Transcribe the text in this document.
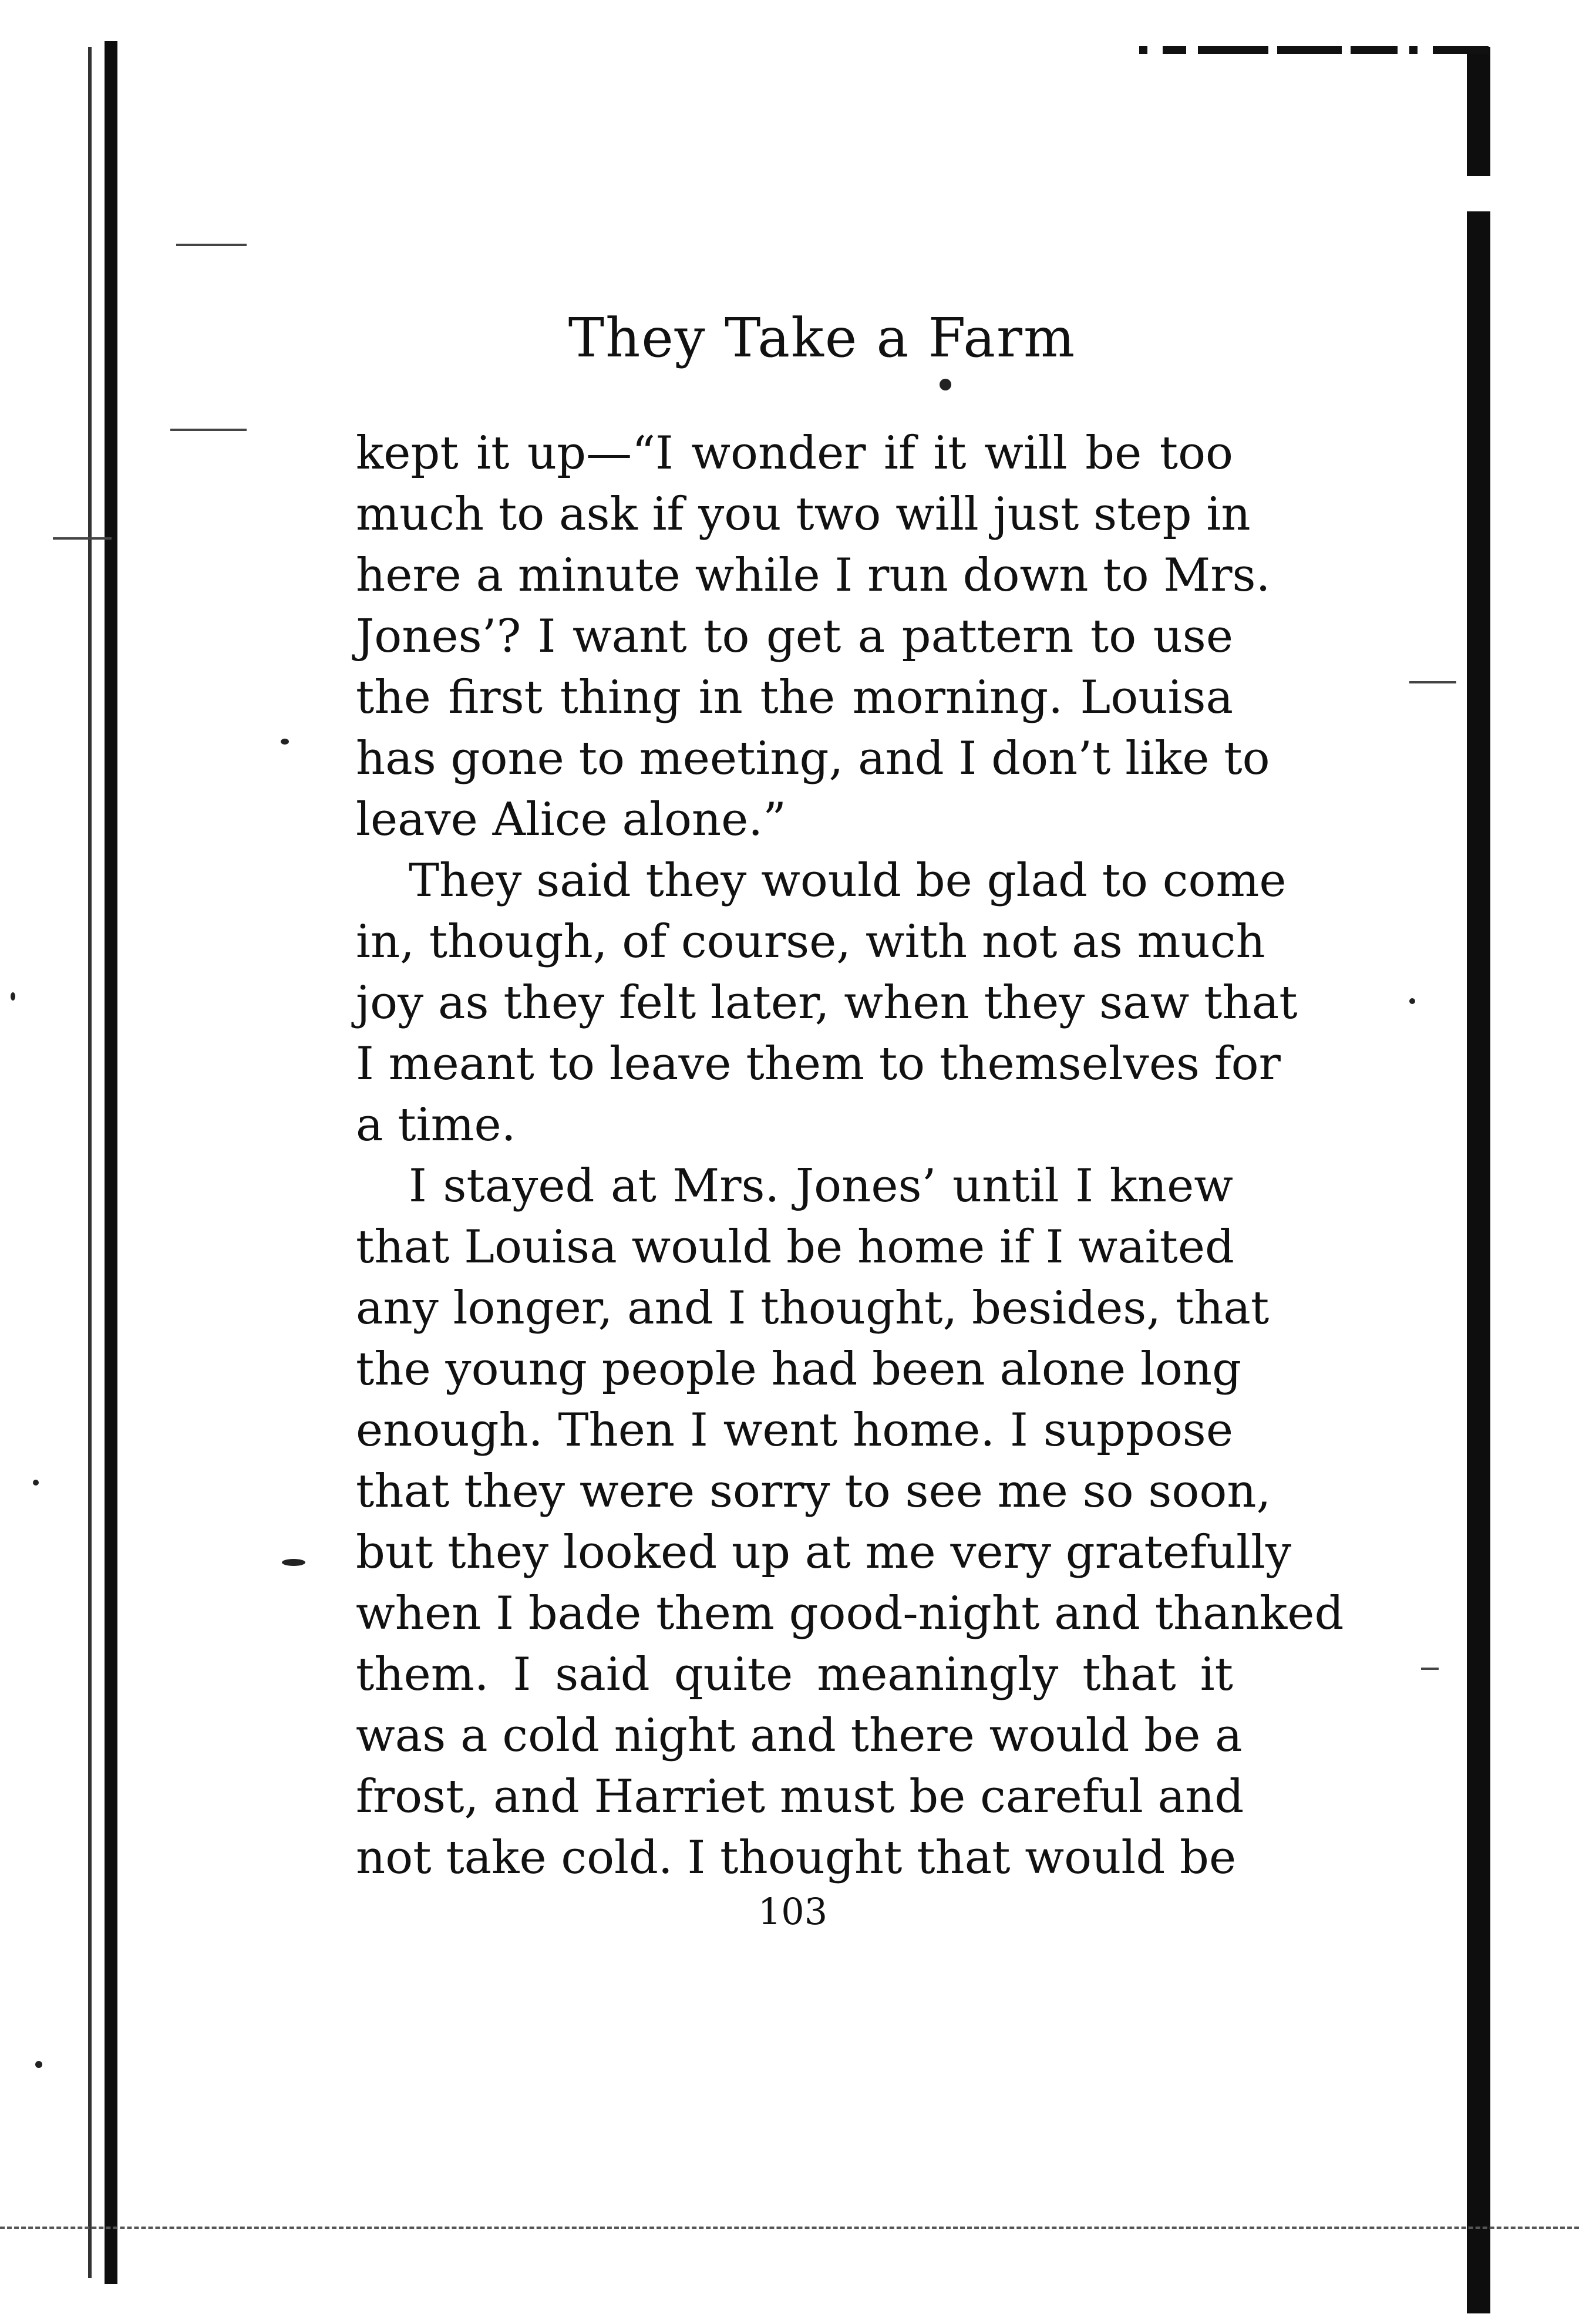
They Take a Farm
kept it up—“I wonder if it will be too
much to ask if you two will just step in
here a minute while I run down to Mrs.
Jones’? I want to get a pattern to use
the first thing in the morning. Louisa
has gone to meeting, and I don’t like to
leave Alice alone.”
They said they would be glad to come
in, though, of course, with not as much
joy as they felt later, when they saw that
I meant to leave them to themselves for
a time.
I stayed at Mrs. Jones’ until I knew
that Louisa would be home if I waited
any longer, and I thought, besides, that
the young people had been alone long
enough. Then I went home. I suppose
that they were sorry to see me so soon,
but they looked up at me very gratefully
when I bade them good-night and thanked
them. I said quite meaningly that it
was a cold night and there would be a
frost, and Harriet must be careful and
not take cold. I thought that would be
103
